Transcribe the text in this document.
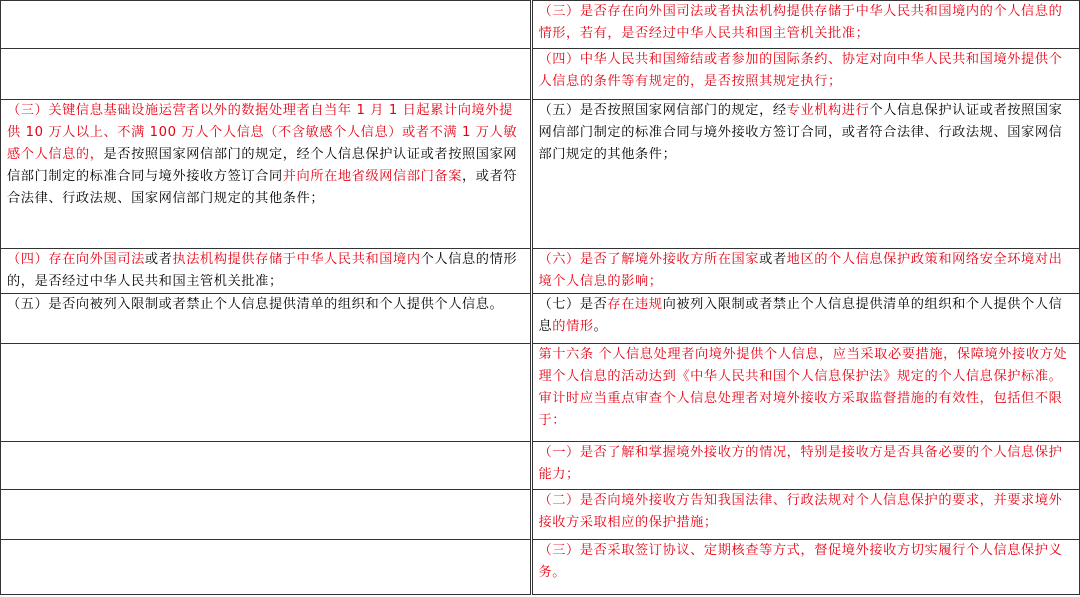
	（三）是否存在向外国司法或者执法机构提供存储于中华人民共和国境内的个人信息的情形，若有，是否经过中华人民共和国主管机关批准；
	（四）中华人民共和国缔结或者参加的国际条约、协定对向中华人民共和国境外提供个人信息的条件等有规定的，是否按照其规定执行；
（三）关键信息基础设施运营者以外的数据处理者自当年 1 月 1 日起累计向境外提供 10 万人以上、不满 100 万人个人信息（不含敏感个人信息）或者不满 1 万人敏感个人信息的，是否按照国家网信部门的规定，经个人信息保护认证或者按照国家网信部门制定的标准合同与境外接收方签订合同并向所在地省级网信部门备案，或者符合法律、行政法规、国家网信部门规定的其他条件；	（五）是否按照国家网信部门的规定，经专业机构进行个人信息保护认证或者按照国家网信部门制定的标准合同与境外接收方签订合同，或者符合法律、行政法规、国家网信部门规定的其他条件；
（四）存在向外国司法或者执法机构提供存储于中华人民共和国境内个人信息的情形的，是否经过中华人民共和国主管机关批准；	（六）是否了解境外接收方所在国家或者地区的个人信息保护政策和网络安全环境对出境个人信息的影响；
（五）是否向被列入限制或者禁止个人信息提供清单的组织和个人提供个人信息。	（七）是否存在违规向被列入限制或者禁止个人信息提供清单的组织和个人提供个人信息的情形。
	第十六条 个人信息处理者向境外提供个人信息，应当采取必要措施，保障境外接收方处理个人信息的活动达到《中华人民共和国个人信息保护法》规定的个人信息保护标准。审计时应当重点审查个人信息处理者对境外接收方采取监督措施的有效性，包括但不限于：
	（一）是否了解和掌握境外接收方的情况，特别是接收方是否具备必要的个人信息保护能力；
	（二）是否向境外接收方告知我国法律、行政法规对个人信息保护的要求，并要求境外接收方采取相应的保护措施；
	（三）是否采取签订协议、定期核查等方式，督促境外接收方切实履行个人信息保护义务。
